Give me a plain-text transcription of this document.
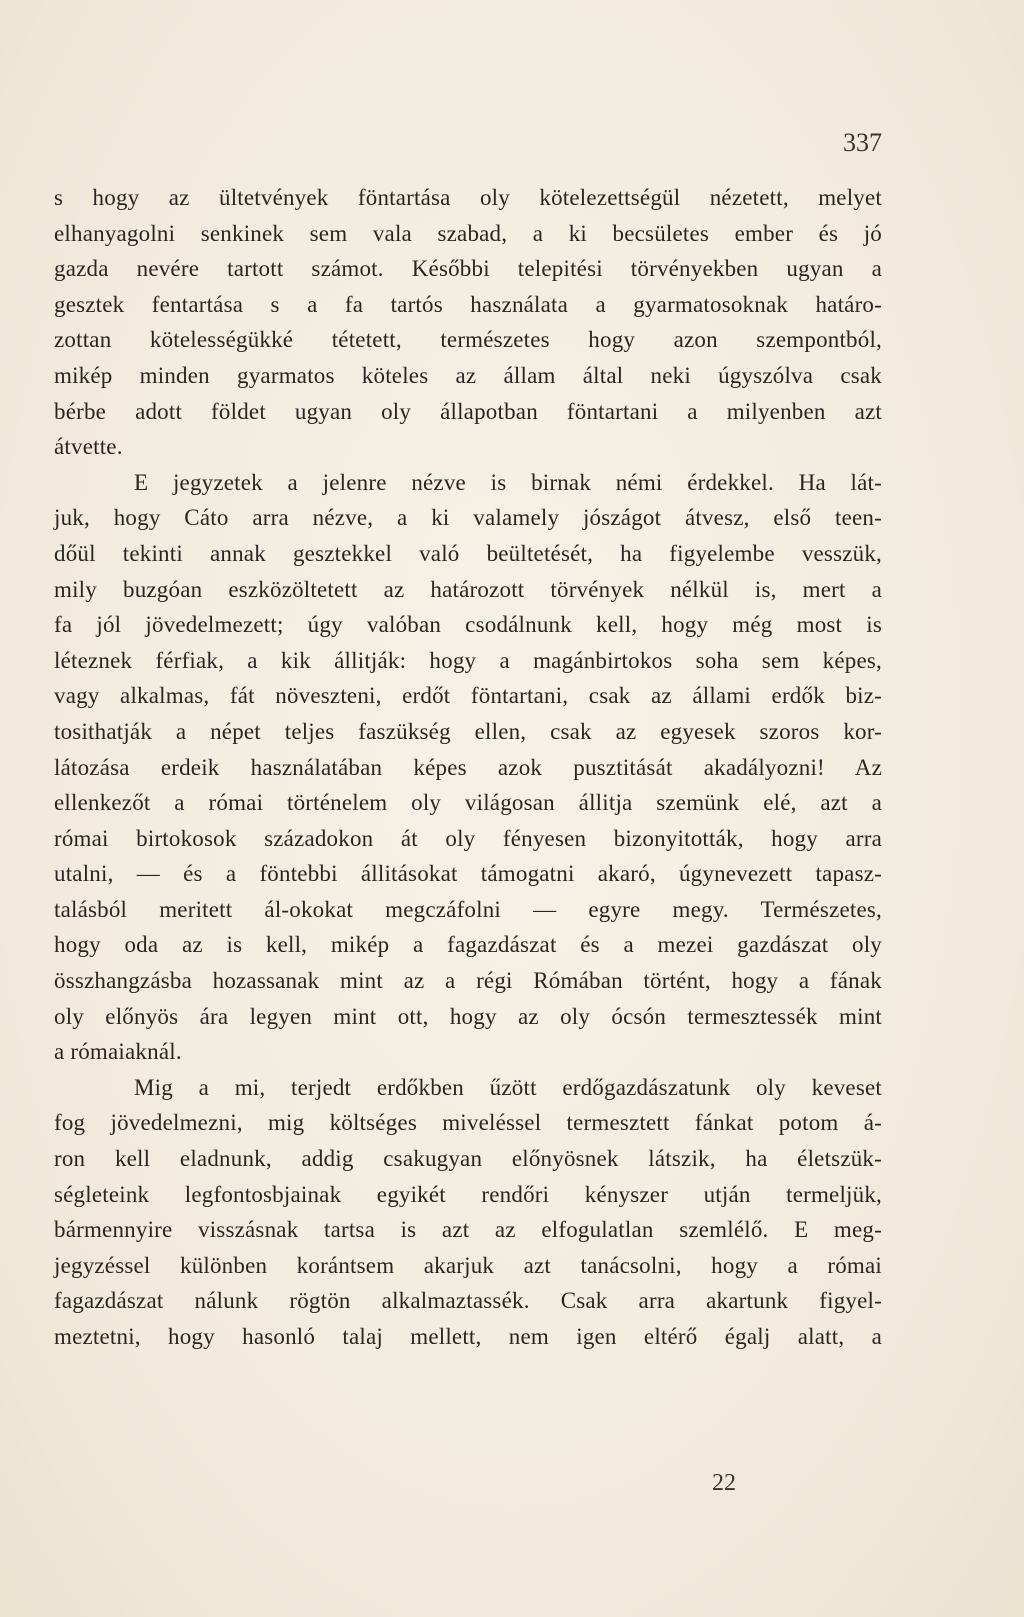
337
s hogy az ültetvények föntartása oly kötelezettségül nézetett, melyet
elhanyagolni senkinek sem vala szabad, a ki becsületes ember és jó
gazda nevére tartott számot. Későbbi telepitési törvényekben ugyan a
gesztek fentartása s a fa tartós használata a gyarmatosoknak határo-
zottan kötelességükké tétetett, természetes hogy azon szempontból,
mikép minden gyarmatos köteles az állam által neki úgyszólva csak
bérbe adott földet ugyan oly állapotban föntartani a milyenben azt
átvette.
E jegyzetek a jelenre nézve is birnak némi érdekkel. Ha lát-
juk, hogy Cáto arra nézve, a ki valamely jószágot átvesz, első teen-
dőül tekinti annak gesztekkel való beültetését, ha figyelembe vesszük,
mily buzgóan eszközöltetett az határozott törvények nélkül is, mert a
fa jól jövedelmezett; úgy valóban csodálnunk kell, hogy még most is
léteznek férfiak, a kik állitják: hogy a magánbirtokos soha sem képes,
vagy alkalmas, fát növeszteni, erdőt föntartani, csak az állami erdők biz-
tosithatják a népet teljes faszükség ellen, csak az egyesek szoros kor-
látozása erdeik használatában képes azok pusztitását akadályozni! Az
ellenkezőt a római történelem oly világosan állitja szemünk elé, azt a
római birtokosok századokon át oly fényesen bizonyitották, hogy arra
utalni, — és a föntebbi állitásokat támogatni akaró, úgynevezett tapasz-
talásból meritett ál-okokat megczáfolni — egyre megy. Természetes,
hogy oda az is kell, mikép a fagazdászat és a mezei gazdászat oly
összhangzásba hozassanak mint az a régi Rómában történt, hogy a fának
oly előnyös ára legyen mint ott, hogy az oly ócsón termesztessék mint
a rómaiaknál.
Mig a mi, terjedt erdőkben űzött erdőgazdászatunk oly keveset
fog jövedelmezni, mig költséges miveléssel termesztett fánkat potom á-
ron kell eladnunk, addig csakugyan előnyösnek látszik, ha életszük-
ségleteink legfontosbjainak egyikét rendőri kényszer utján termeljük,
bármennyire visszásnak tartsa is azt az elfogulatlan szemlélő. E meg-
jegyzéssel különben korántsem akarjuk azt tanácsolni, hogy a római
fagazdászat nálunk rögtön alkalmaztassék. Csak arra akartunk figyel-
meztetni, hogy hasonló talaj mellett, nem igen eltérő égalj alatt, a
22
